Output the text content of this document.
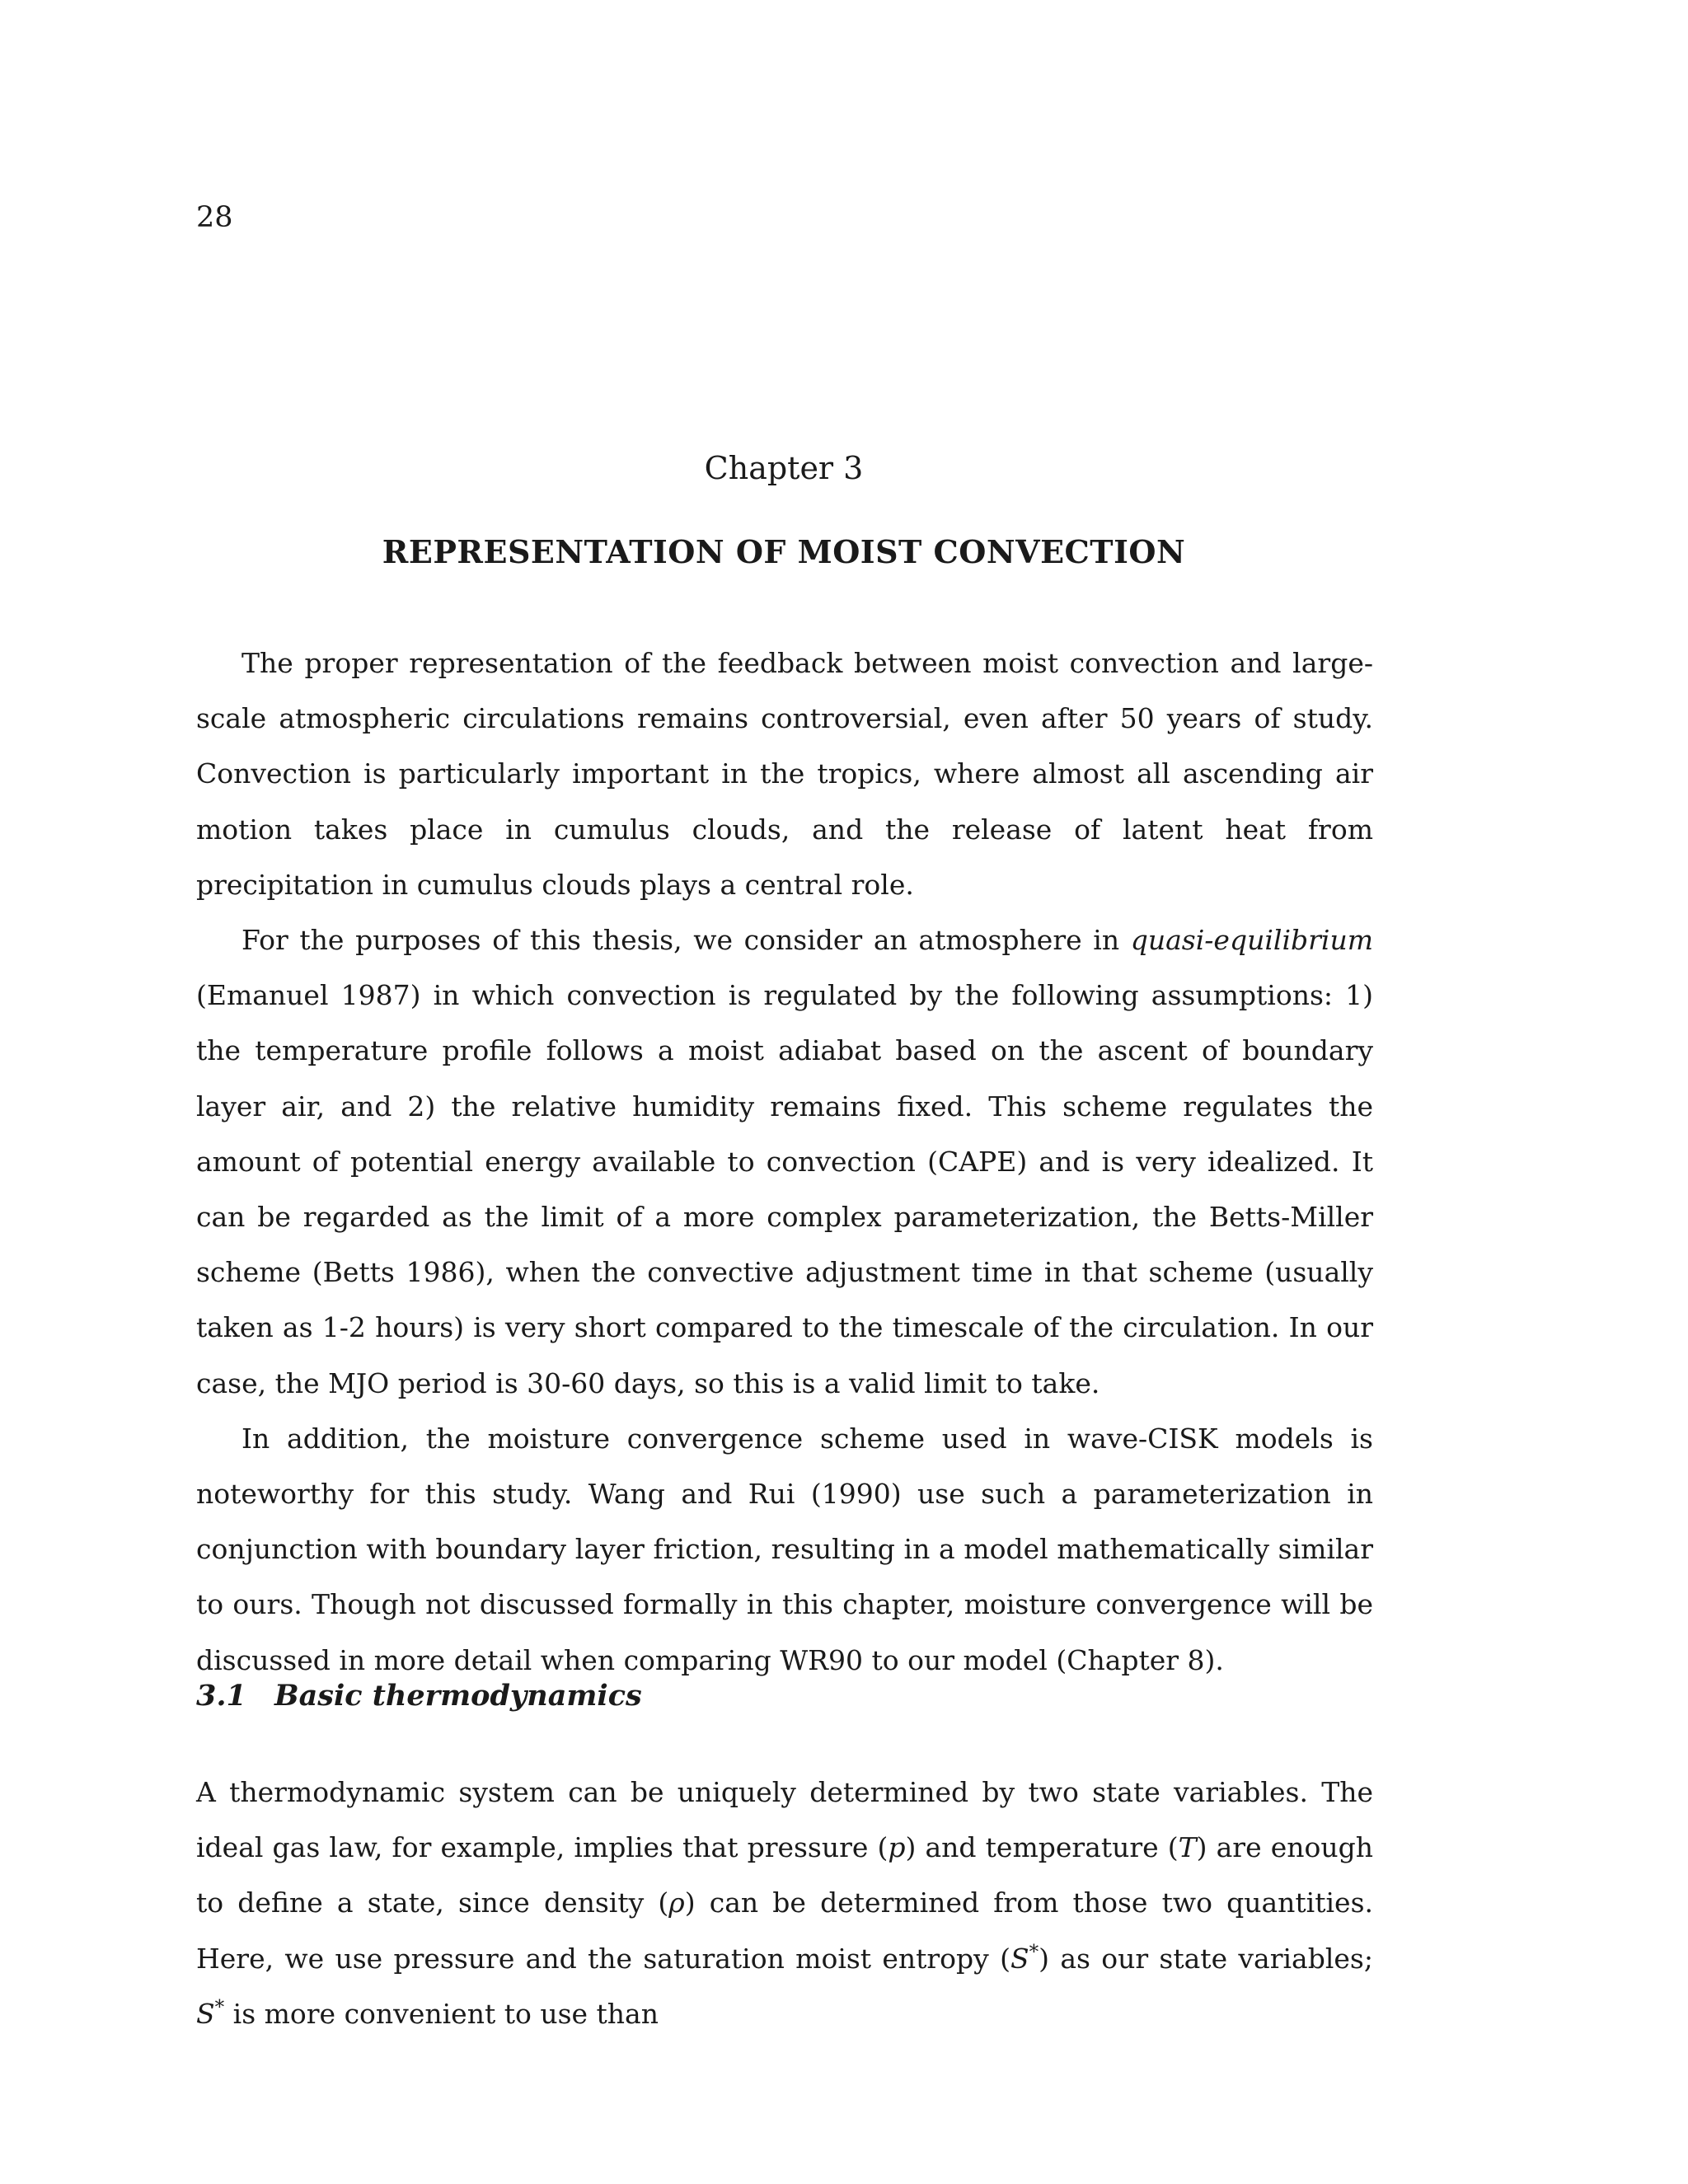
28
Chapter 3
REPRESENTATION OF MOIST CONVECTION

The proper representation of the feedback between moist convection and large-scale atmospheric circulations remains controversial, even after 50 years of study. Convection is particularly important in the tropics, where almost all ascending air motion takes place in cumulus clouds, and the release of latent heat from precipitation in cumulus clouds plays a central role.

For the purposes of this thesis, we consider an atmosphere in quasi-equilibrium (Emanuel 1987) in which convection is regulated by the following assumptions: 1) the temperature profile follows a moist adiabat based on the ascent of boundary layer air, and 2) the relative humidity remains fixed. This scheme regulates the amount of potential energy available to convection (CAPE) and is very idealized. It can be regarded as the limit of a more complex parameterization, the Betts-Miller scheme (Betts 1986), when the convective adjustment time in that scheme (usually taken as 1-2 hours) is very short compared to the timescale of the circulation. In our case, the MJO period is 30-60 days, so this is a valid limit to take.

In addition, the moisture convergence scheme used in wave-CISK models is noteworthy for this study. Wang and Rui (1990) use such a parameterization in conjunction with boundary layer friction, resulting in a model mathematically similar to ours. Though not discussed formally in this chapter, moisture convergence will be discussed in more detail when comparing WR90 to our model (Chapter 8).

3.1 Basic thermodynamics

A thermodynamic system can be uniquely determined by two state variables. The ideal gas law, for example, implies that pressure (p) and temperature (T) are enough to define a state, since density (ρ) can be determined from those two quantities. Here, we use pressure and the saturation moist entropy (S*) as our state variables; S* is more convenient to use than
